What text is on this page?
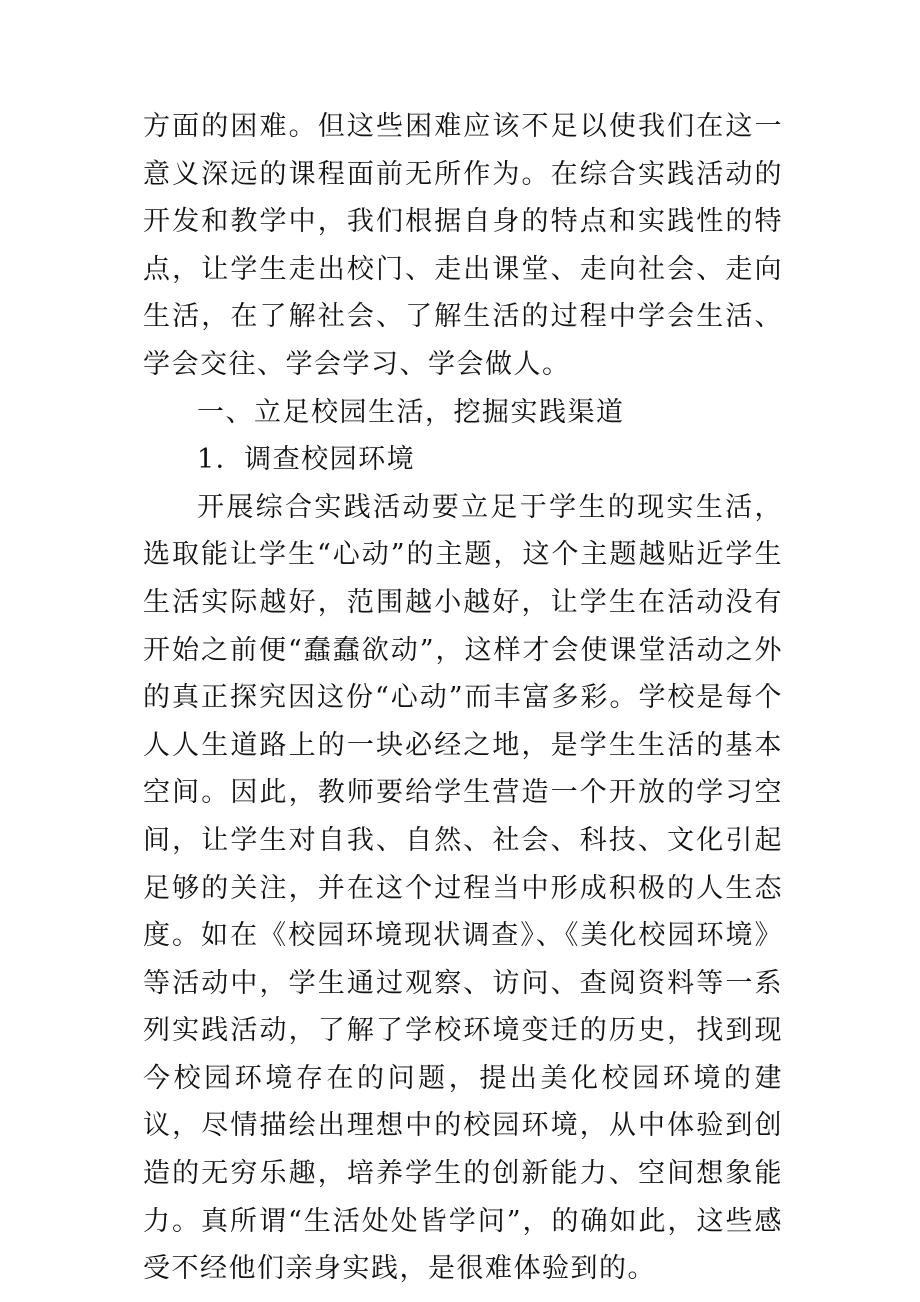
方面的困难。但这些困难应该不足以使我们在这一意义深远的课程面前无所作为。在综合实践活动的开发和教学中，我们根据自身的特点和实践性的特点，让学生走出校门、走出课堂、走向社会、走向生活，在了解社会、了解生活的过程中学会生活、学会交往、学会学习、学会做人。

一、立足校园生活，挖掘实践渠道

1．调查校园环境

开展综合实践活动要立足于学生的现实生活，选取能让学生“心动”的主题，这个主题越贴近学生生活实际越好，范围越小越好，让学生在活动没有开始之前便“蠢蠢欲动”，这样才会使课堂活动之外的真正探究因这份“心动”而丰富多彩。学校是每个人人生道路上的一块必经之地，是学生生活的基本空间。因此，教师要给学生营造一个开放的学习空间，让学生对自我、自然、社会、科技、文化引起足够的关注，并在这个过程当中形成积极的人生态度。如在《校园环境现状调查》、《美化校园环境》等活动中，学生通过观察、访问、查阅资料等一系列实践活动，了解了学校环境变迁的历史，找到现今校园环境存在的问题，提出美化校园环境的建议，尽情描绘出理想中的校园环境，从中体验到创造的无穷乐趣，培养学生的创新能力、空间想象能力。真所谓“生活处处皆学问”，的确如此，这些感受不经他们亲身实践，是很难体验到的。
